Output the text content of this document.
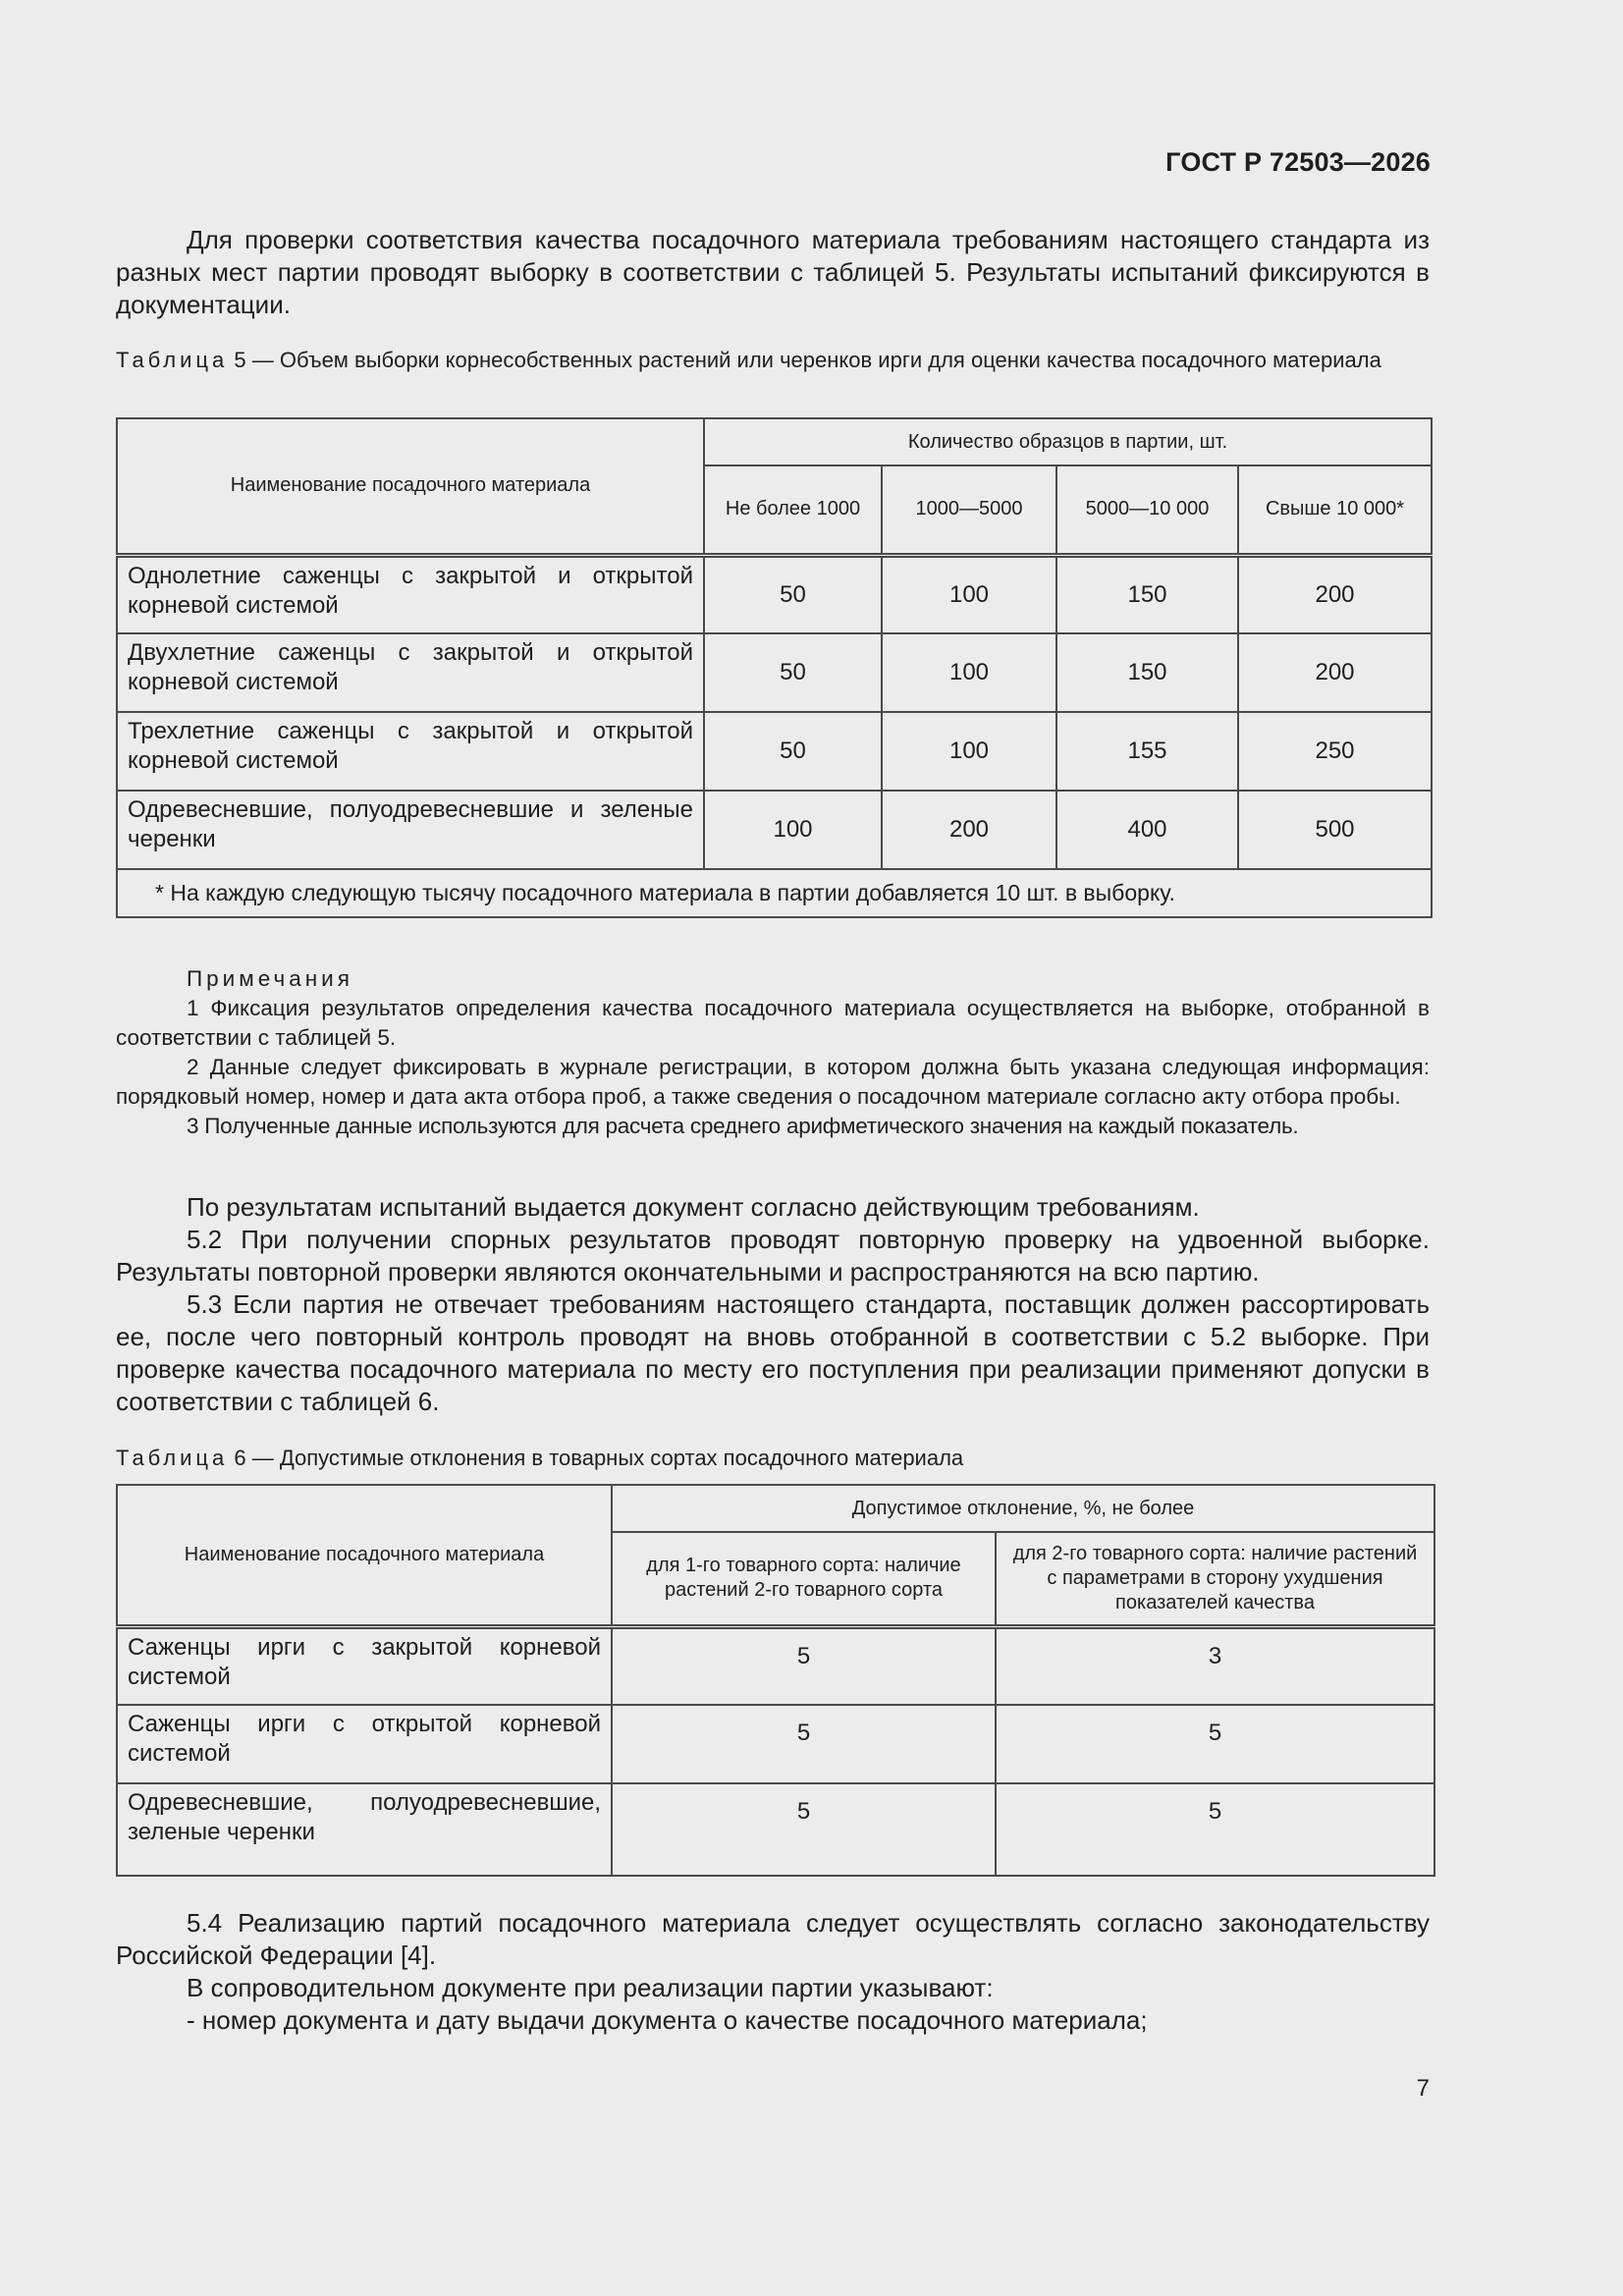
ГОСТ Р 72503—2026

Для проверки соответствия качества посадочного материала требованиям настоящего стандарта из разных мест партии проводят выборку в соответствии с таблицей 5. Результаты испытаний фиксируются в документации.

Таблица 5 — Объем выборки корнесобственных растений или черенков ирги для оценки качества посадочного материала

Наименование посадочного материала	Количество образцов в партии, шт.			
	Не более 1000	1000—5000	5000—10 000	Свыше 10 000*
Однолетние саженцы с закрытой и открытой корневой системой	50	100	150	200
Двухлетние саженцы с закрытой и открытой корневой системой	50	100	150	200
Трехлетние саженцы с закрытой и открытой корневой системой	50	100	155	250
Одревесневшие, полуодревесневшие и зеленые черенки	100	200	400	500
* На каждую следующую тысячу посадочного материала в партии добавляется 10 шт. в выборку.				

Примечания

1 Фиксация результатов определения качества посадочного материала осуществляется на выборке, отобранной в соответствии с таблицей 5.

2 Данные следует фиксировать в журнале регистрации, в котором должна быть указана следующая информация: порядковый номер, номер и дата акта отбора проб, а также сведения о посадочном материале согласно акту отбора пробы.

3 Полученные данные используются для расчета среднего арифметического значения на каждый показатель.

По результатам испытаний выдается документ согласно действующим требованиям.

5.2 При получении спорных результатов проводят повторную проверку на удвоенной выборке. Результаты повторной проверки являются окончательными и распространяются на всю партию.

5.3 Если партия не отвечает требованиям настоящего стандарта, поставщик должен рассортировать ее, после чего повторный контроль проводят на вновь отобранной в соответствии с 5.2 выборке. При проверке качества посадочного материала по месту его поступления при реализации применяют допуски в соответствии с таблицей 6.

Таблица 6 — Допустимые отклонения в товарных сортах посадочного материала

Наименование посадочного материала	Допустимое отклонение, %, не более	
	для 1-го товарного сорта: наличие растений 2-го товарного сорта	для 2-го товарного сорта: наличие растений с параметрами в сторону ухудшения показателей качества
Саженцы ирги с закрытой корневой системой	5	3
Саженцы ирги с открытой корневой системой	5	5
Одревесневшие, полуодревесневшие, зеленые черенки	5	5

5.4 Реализацию партий посадочного материала следует осуществлять согласно законодательству Российской Федерации [4].

В сопроводительном документе при реализации партии указывают:

- номер документа и дату выдачи документа о качестве посадочного материала;

7
